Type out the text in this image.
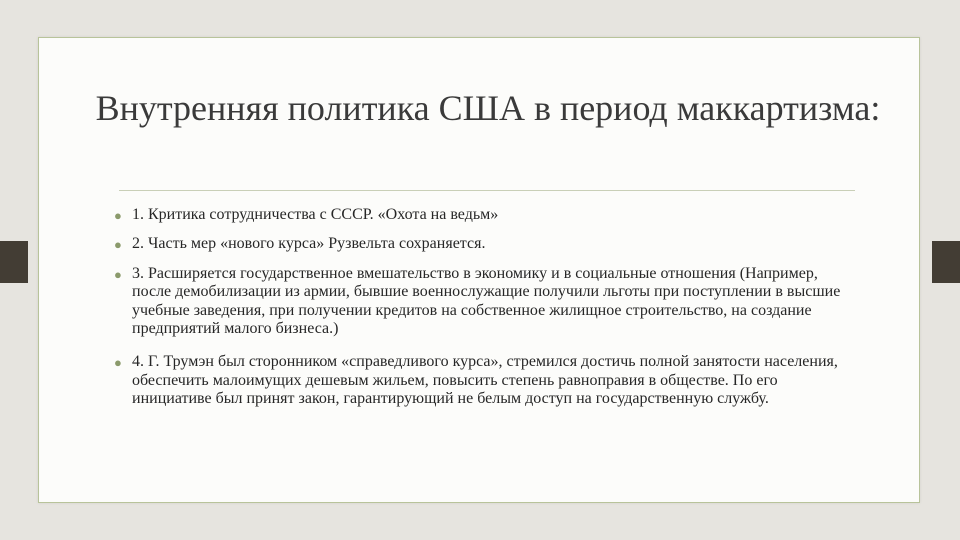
Внутренняя политика США в период маккартизма:
● 1. Критика сотрудничества с СССР. «Охота на ведьм»
● 2. Часть мер «нового курса» Рузвельта сохраняется.
● 3. Расширяется государственное вмешательство в экономику и в социальные отношения (Например, после демобилизации из армии, бывшие военнослужащие получили льготы при поступлении в высшие учебные заведения, при получении кредитов на собственное жилищное строительство, на создание предприятий малого бизнеса.)
● 4. Г. Трумэн был сторонником «справедливого курса», стремился достичь полной занятости населения, обеспечить малоимущих дешевым жильем, повысить степень равноправия в обществе. По его инициативе был принят закон, гарантирующий не белым доступ на государственную службу.
